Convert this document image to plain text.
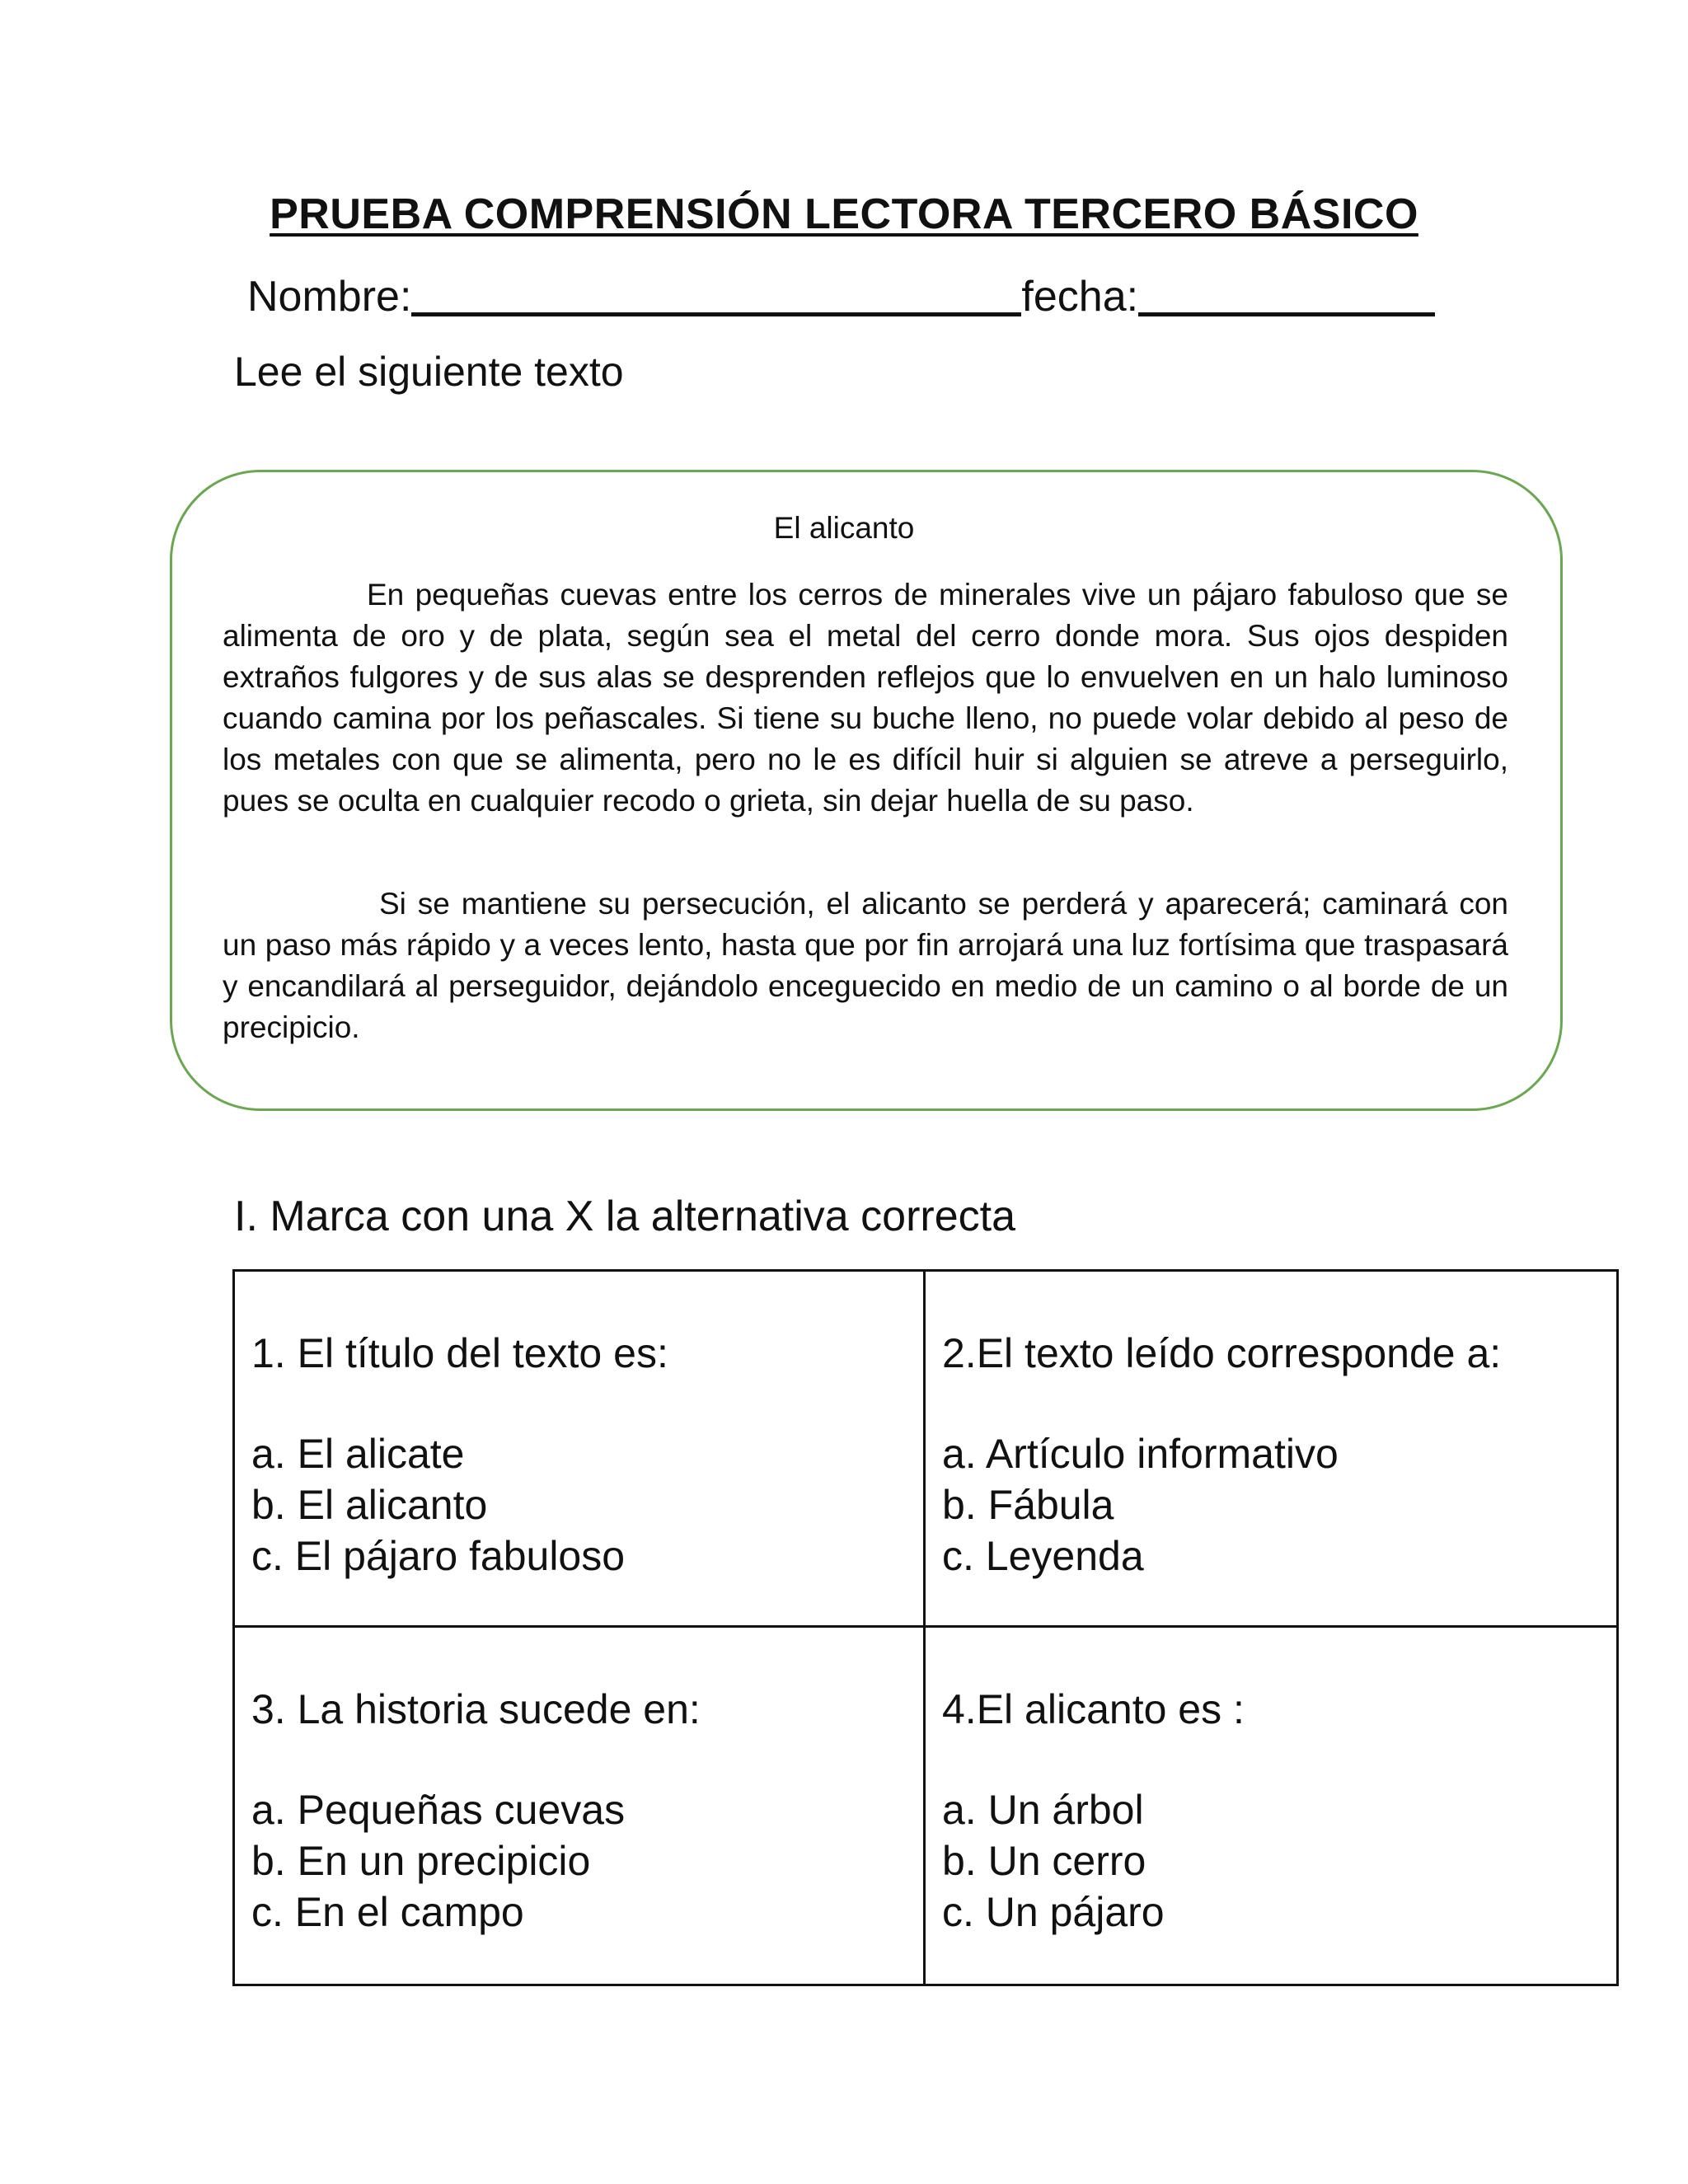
PRUEBA COMPRENSIÓN LECTORA TERCERO BÁSICO
Nombre:	fecha:
Lee el siguiente texto
El alicanto
En pequeñas cuevas entre los cerros de minerales vive un pájaro fabuloso que se alimenta de oro y de plata, según sea el metal del cerro donde mora. Sus ojos despiden extraños fulgores y de sus alas se desprenden reflejos que lo envuelven en un halo luminoso cuando camina por los peñascales. Si tiene su buche lleno, no puede volar debido al peso de los metales con que se alimenta, pero no le es difícil huir si alguien se atreve a perseguirlo, pues se oculta en cualquier recodo o grieta, sin dejar huella de su paso.
Si se mantiene su persecución, el alicanto se perderá y aparecerá; caminará con un paso más rápido y a veces lento, hasta que por fin arrojará una luz fortísima que traspasará y encandilará al perseguidor, dejándolo enceguecido en medio de un camino o al borde de un precipicio.
I. Marca con una X la alternativa correcta
1. El título del texto es:
a. El alicate
b. El alicanto
c. El pájaro fabuloso
2.El texto leído corresponde a:
a. Artículo informativo
b. Fábula
c. Leyenda
3. La historia sucede en:
a. Pequeñas cuevas
b. En un precipicio
c. En el campo
4.El alicanto es :
a. Un árbol
b. Un cerro
c. Un pájaro
